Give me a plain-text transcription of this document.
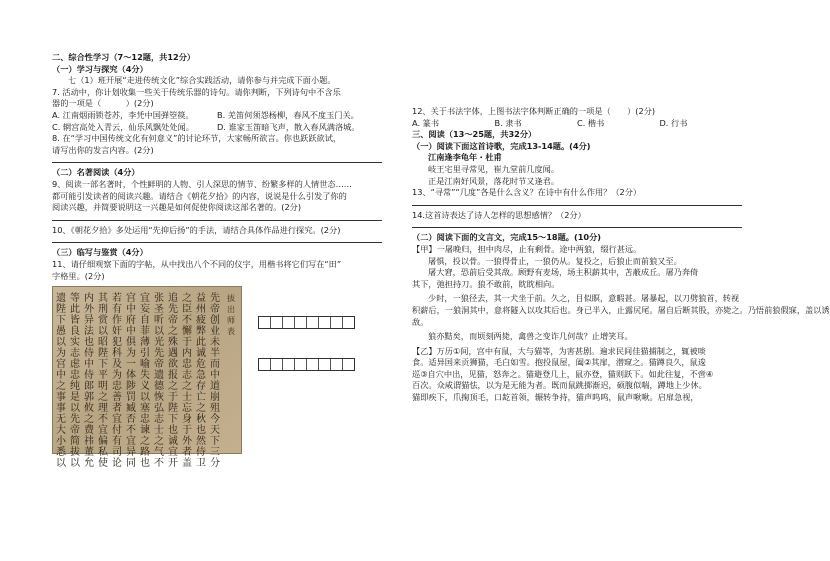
二、综合性学习（7～12题，共12分）
（一）学习与探究（4分）
七（1）班开展“走进传统文化”综合实践活动，请你参与并完成下面小题。
7. 活动中，你计划收集一些关于传统乐器的诗句。请你判断，下列诗句中不含乐
器的一项是（　　　）(2分)
A. 江南烟雨锁苍苏，李凭中国弹箜篌。	B. 羌笛何须怨杨柳，春风不度玉门关。
C. 辋宫高处入青云，仙乐风飘处处闻。	D. 谁家玉笛暗飞声，散入春风满洛城。
8. 在“学习中国传统文化有何意义”的讨论环节，大家畅所欲言。你也跃跃欲试，
请写出你的发言内容。(2分)
（二）名著阅读（4分）
9、阅读一部名著时，个性鲜明的人物、引人深思的情节、纷繁多样的人情世态……
都可能引发读者的阅读兴趣。请结合《朝花夕拾》的内容，说说是什么引发了你的
阅读兴趣，并简要说明这一兴趣是如何促使你阅读这部名著的。(2分)
10、《朝花夕拾》多处运用“先抑后扬”的手法，请结合具体作品进行探究。(2分)
（三）临写与鉴赏（4分）
11、请仔细观察下面的字帖，从中找出八个不同的仪字，用楷书将它们写在“田”
字格里。(2分)
拔出师表
先帝创业未半而中道崩殂今天下三分
益州疲弊此诚危急存亡之秋也然侍卫
之臣不懈于内忠志之士忘身于外者盖
追先帝之殊遇欲报之于陛下也诚宜开
张圣听以光先帝遗德恢弘志士之气不
宜妄自菲薄引喻失义以塞忠谏之路也
宫中府中俱为一体陟罚臧否不宜异同
若有作奸犯科及为忠善者宜付有司论
其刑赏以昭陛下平明之理不宜偏私使
内外异法也侍中侍郎郭攸之费祎董允
等此皆良实志虑忠纯是以先帝简拔以
遗陛下愚以为宫中之事事无大小悉以
12、关于书法字体，上图书法字体判断正确的一项是（　　）(2分)
A. 篆书	B. 隶书	C. 楷书	D. 行书
三、阅读（13～25题，共32分）
（一）阅读下面这首诗歌，完成13-14题。(4分)
江南逢李龟年・杜甫
岐王宅里寻常见，崔九堂前几度闻。
正是江南好风景，落花时节又逢君。
13、“寻常”“几度”各是什么含义？在诗中有什么作用？（2分）
14.这首诗表达了诗人怎样的思想感情？（2分）
（二）阅读下面的文言文，完成15～18题。(10分)
【甲】一屠晚归，担中肉尽，止有剩骨。途中两狼，缀行甚远。
屠惧，投以骨。一狼得骨止，一狼仍从。复投之，后狼止而前狼又至。
屠大窘，恐前后受其敌。顾野有麦场，场主积薪其中，苫蔽成丘。屠乃奔倚
其下，弛担持刀。狼不敢前，眈眈相向。
少时，一狼径去，其一犬坐于前。久之，目似瞑，意暇甚。屠暴起，以刀劈狼首，转视
积薪后，一狼洞其中，意将隧入以攻其后也。身已半入，止露尻尾。屠自后断其股，亦毙之。乃悟前狼假寐，盖以诱
敌。
狼亦黠矣，而顷刻两毙，禽兽之变诈几何哉？止增笑耳。
【乙】万历①间，宫中有鼠，大与猫等，为害甚剧。遍求民间佳猫捕制之，辄被啖
食。适异国来贡狮猫，毛白如雪。抱投鼠屋，阖②其扉，潜窥之。猫蹲良久，鼠逡
巡③自穴中出，见猫，怒奔之。猫避登几上，鼠亦登，猫则跃下。如此往复，不啻④
百次。众咸谓猫怯，以为是无能为者。既而鼠跳掷渐迟，硕腹似喘，蹲地上少休。
猫即疾下，爪掬顶毛，口龁首领，辗转争持，猫声呜呜，鼠声啾啾。启扉急视，
